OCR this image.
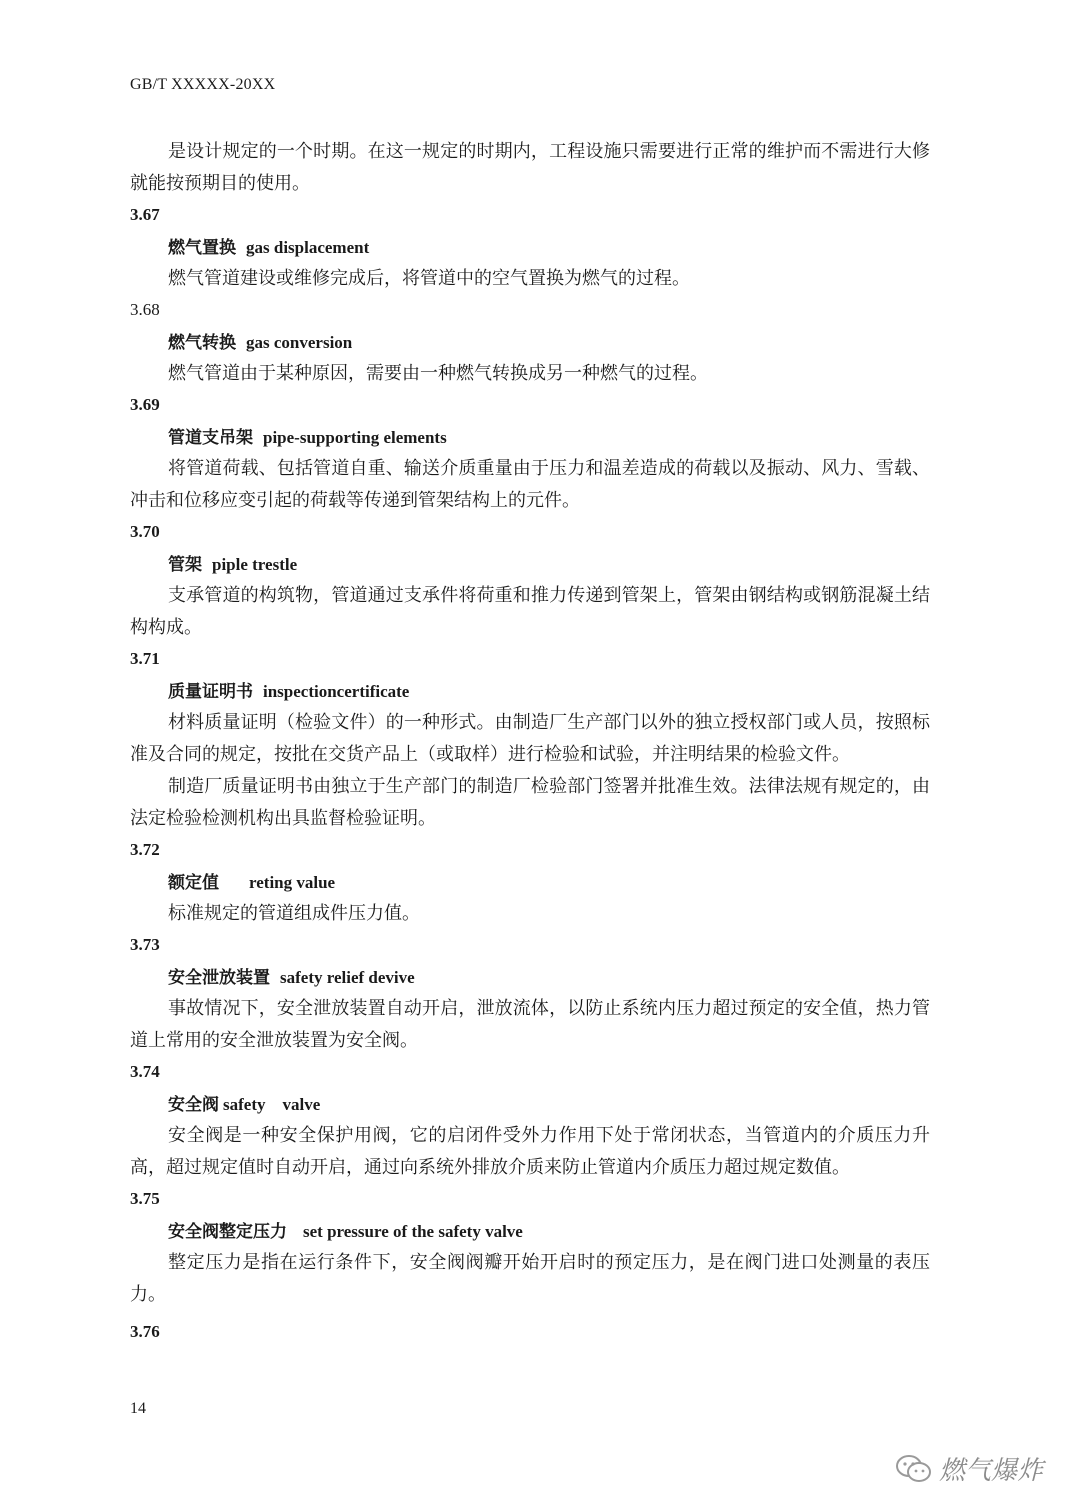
GB/T XXXXX-20XX

是设计规定的一个时期。在这一规定的时期内，工程设施只需要进行正常的维护而不需进行大修就能按预期目的使用。

3.67
燃气置换 gas displacement

燃气管道建设或维修完成后，将管道中的空气置换为燃气的过程。

3.68
燃气转换 gas conversion

燃气管道由于某种原因，需要由一种燃气转换成另一种燃气的过程。

3.69
管道支吊架 pipe-supporting elements

将管道荷载、包括管道自重、输送介质重量由于压力和温差造成的荷载以及振动、风力、雪载、冲击和位移应变引起的荷载等传递到管架结构上的元件。

3.70
管架 piple trestle

支承管道的构筑物，管道通过支承件将荷重和推力传递到管架上，管架由钢结构或钢筋混凝土结构构成。

3.71
质量证明书 inspectioncertificate

材料质量证明（检验文件）的一种形式。由制造厂生产部门以外的独立授权部门或人员，按照标准及合同的规定，按批在交货产品上（或取样）进行检验和试验，并注明结果的检验文件。

制造厂质量证明书由独立于生产部门的制造厂检验部门签署并批准生效。法律法规有规定的，由法定检验检测机构出具监督检验证明。

3.72
额定值 reting value

标准规定的管道组成件压力值。

3.73
安全泄放装置 safety relief devive

事故情况下，安全泄放装置自动开启，泄放流体，以防止系统内压力超过预定的安全值，热力管道上常用的安全泄放装置为安全阀。

3.74
安全阀 safety　valve

安全阀是一种安全保护用阀，它的启闭件受外力作用下处于常闭状态，当管道内的介质压力升高，超过规定值时自动开启，通过向系统外排放介质来防止管道内介质压力超过规定数值。

3.75
安全阀整定压力 set pressure of the safety valve

整定压力是指在运行条件下，安全阀阀瓣开始开启时的预定压力，是在阀门进口处测量的表压力。

3.76
14
燃气爆炸
